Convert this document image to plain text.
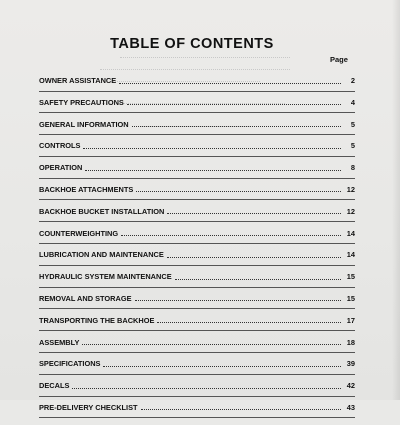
TABLE OF CONTENTS
Page
OWNER ASSISTANCE	2
SAFETY PRECAUTIONS	4
GENERAL INFORMATION	5
CONTROLS	5
OPERATION	8
BACKHOE ATTACHMENTS	12
BACKHOE BUCKET INSTALLATION	12
COUNTERWEIGHTING	14
LUBRICATION AND MAINTENANCE	14
HYDRAULIC SYSTEM MAINTENANCE	15
REMOVAL AND STORAGE	15
TRANSPORTING THE BACKHOE	17
ASSEMBLY	18
SPECIFICATIONS	39
DECALS	42
PRE-DELIVERY CHECKLIST	43
